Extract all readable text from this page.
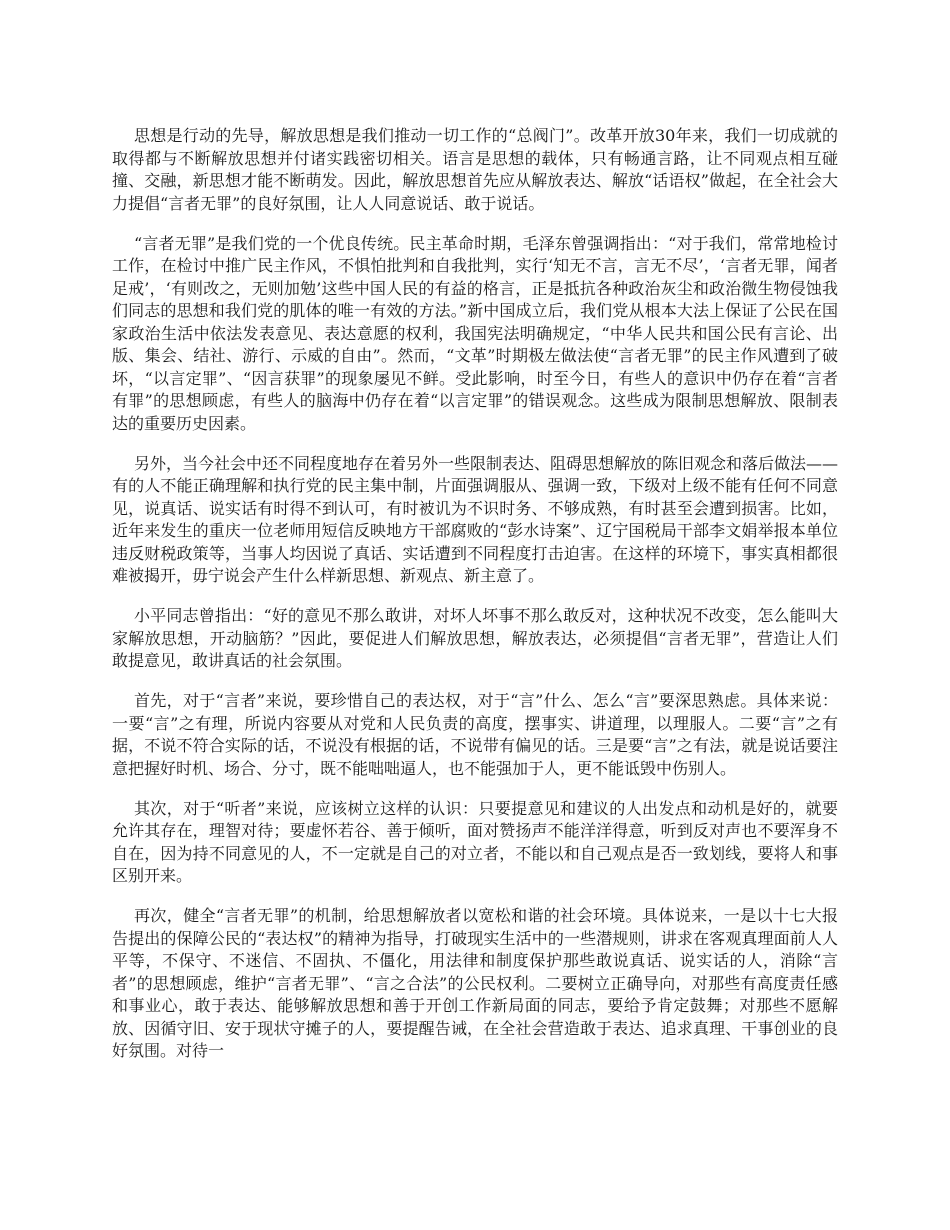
思想是行动的先导，解放思想是我们推动一切工作的“总阀门”。改革开放30年来，我们一切成就的取得都与不断解放思想并付诸实践密切相关。语言是思想的载体，只有畅通言路，让不同观点相互碰撞、交融，新思想才能不断萌发。因此，解放思想首先应从解放表达、解放“话语权”做起，在全社会大力提倡“言者无罪”的良好氛围，让人人同意说话、敢于说话。

“言者无罪”是我们党的一个优良传统。民主革命时期，毛泽东曾强调指出：“对于我们，常常地检讨工作，在检讨中推广民主作风，不惧怕批判和自我批判，实行‘知无不言，言无不尽’，‘言者无罪，闻者足戒’，‘有则改之，无则加勉’这些中国人民的有益的格言，正是抵抗各种政治灰尘和政治微生物侵蚀我们同志的思想和我们党的肌体的唯一有效的方法。”新中国成立后，我们党从根本大法上保证了公民在国家政治生活中依法发表意见、表达意愿的权利，我国宪法明确规定，“中华人民共和国公民有言论、出版、集会、结社、游行、示威的自由”。然而，“文革”时期极左做法使“言者无罪”的民主作风遭到了破坏，“以言定罪”、“因言获罪”的现象屡见不鲜。受此影响，时至今日，有些人的意识中仍存在着“言者有罪”的思想顾虑，有些人的脑海中仍存在着“以言定罪”的错误观念。这些成为限制思想解放、限制表达的重要历史因素。

另外，当今社会中还不同程度地存在着另外一些限制表达、阻碍思想解放的陈旧观念和落后做法——有的人不能正确理解和执行党的民主集中制，片面强调服从、强调一致，下级对上级不能有任何不同意见，说真话、说实话有时得不到认可，有时被讥为不识时务、不够成熟，有时甚至会遭到损害。比如，近年来发生的重庆一位老师用短信反映地方干部腐败的“彭水诗案”、辽宁国税局干部李文娟举报本单位违反财税政策等，当事人均因说了真话、实话遭到不同程度打击迫害。在这样的环境下，事实真相都很难被揭开，毋宁说会产生什么样新思想、新观点、新主意了。

小平同志曾指出：“好的意见不那么敢讲，对坏人坏事不那么敢反对，这种状况不改变，怎么能叫大家解放思想，开动脑筋？”因此，要促进人们解放思想，解放表达，必须提倡“言者无罪”，营造让人们敢提意见，敢讲真话的社会氛围。

首先，对于“言者”来说，要珍惜自己的表达权，对于“言”什么、怎么“言”要深思熟虑。具体来说：一要“言”之有理，所说内容要从对党和人民负责的高度，摆事实、讲道理，以理服人。二要“言”之有据，不说不符合实际的话，不说没有根据的话，不说带有偏见的话。三是要“言”之有法，就是说话要注意把握好时机、场合、分寸，既不能咄咄逼人，也不能强加于人，更不能诋毁中伤别人。

其次，对于“听者”来说，应该树立这样的认识：只要提意见和建议的人出发点和动机是好的，就要允许其存在，理智对待；要虚怀若谷、善于倾听，面对赞扬声不能洋洋得意，听到反对声也不要浑身不自在，因为持不同意见的人，不一定就是自己的对立者，不能以和自己观点是否一致划线，要将人和事区别开来。

再次，健全“言者无罪”的机制，给思想解放者以宽松和谐的社会环境。具体说来，一是以十七大报告提出的保障公民的“表达权”的精神为指导，打破现实生活中的一些潜规则，讲求在客观真理面前人人平等，不保守、不迷信、不固执、不僵化，用法律和制度保护那些敢说真话、说实话的人，消除“言者”的思想顾虑，维护“言者无罪”、“言之合法”的公民权利。二要树立正确导向，对那些有高度责任感和事业心，敢于表达、能够解放思想和善于开创工作新局面的同志，要给予肯定鼓舞；对那些不愿解放、因循守旧、安于现状守摊子的人，要提醒告诫，在全社会营造敢于表达、追求真理、干事创业的良好氛围。对待一
